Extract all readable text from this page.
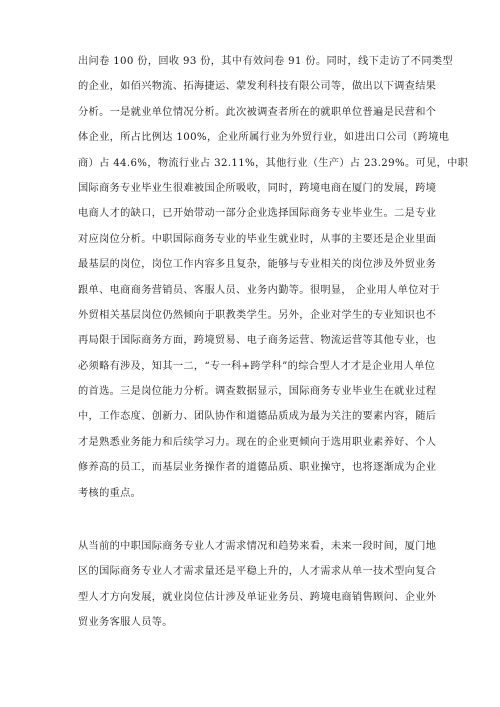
出问卷 100 份，回收 93 份，其中有效问卷 91 份。同时，线下走访了不同类型
的企业，如佰兴物流、拓海捷运、蒙发利科技有限公司等，做出以下调查结果
分析。一是就业单位情况分析。此次被调查者所在的就职单位普遍是民营和个
体企业，所占比例达 100%，企业所属行业为外贸行业，如进出口公司（跨境电
商）占 44.6%，物流行业占 32.11%，其他行业（生产）占 23.29%。可见，中职
国际商务专业毕业生很难被国企所吸收，同时，跨境电商在厦门的发展，跨境
电商人才的缺口，已开始带动一部分企业选择国际商务专业毕业生。二是专业
对应岗位分析。中职国际商务专业的毕业生就业时，从事的主要还是企业里面
最基层的岗位，岗位工作内容多且复杂，能够与专业相关的岗位涉及外贸业务
跟单、电商商务营销员、客服人员、业务内勤等。很明显， 企业用人单位对于
外贸相关基层岗位仍然倾向于职教类学生。另外，企业对学生的专业知识也不
再局限于国际商务方面，跨境贸易、电子商务运营、物流运营等其他专业，也
必须略有涉及，知其一二，“专一科+跨学科”的综合型人才才是企业用人单位
的首选。三是岗位能力分析。调查数据显示，国际商务专业毕业生在就业过程
中，工作态度、创新力、团队协作和道德品质成为最为关注的要素内容，随后
才是熟悉业务能力和后续学习力。现在的企业更倾向于选用职业素养好、个人
修养高的员工，而基层业务操作者的道德品质、职业操守，也将逐渐成为企业
考核的重点。
从当前的中职国际商务专业人才需求情况和趋势来看，未来一段时间，厦门地
区的国际商务专业人才需求量还是平稳上升的，人才需求从单一技术型向复合
型人才方向发展，就业岗位估计涉及单证业务员、跨境电商销售顾问、企业外
贸业务客服人员等。
